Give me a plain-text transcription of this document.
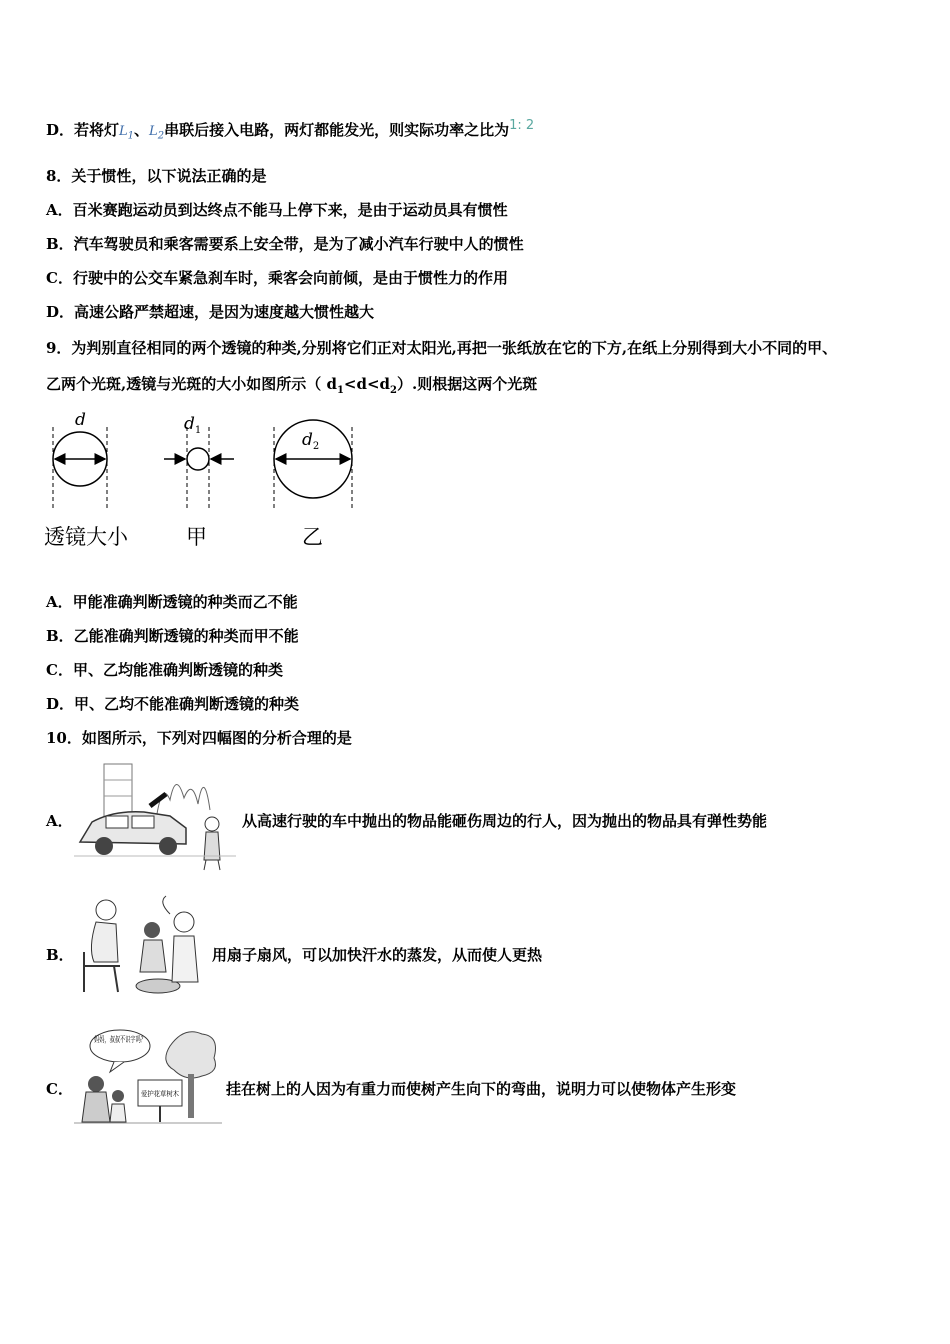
D．若将灯$L_1$、$L_2$串联后接入电路，两灯都能发光，则实际功率之比为1: 2
8．关于惯性，以下说法正确的是
A．百米赛跑运动员到达终点不能马上停下来，是由于运动员具有惯性
B．汽车驾驶员和乘客需要系上安全带，是为了减小汽车行驶中人的惯性
C．行驶中的公交车紧急刹车时，乘客会向前倾，是由于惯性力的作用
D．高速公路严禁超速，是因为速度越大惯性越大
9．为判别直径相同的两个透镜的种类,分别将它们正对太阳光,再把一张纸放在它的下方,在纸上分别得到大小不同的甲、
乙两个光斑,透镜与光斑的大小如图所示（ $d_1<d<d_2$）.则根据这两个光斑
d	$d_1$	$d_2$
透镜大小	甲	乙
A．甲能准确判断透镜的种类而乙不能
B．乙能准确判断透镜的种类而甲不能
C．甲、乙均能准确判断透镜的种类
D．甲、乙均不能准确判断透镜的种类
10．如图所示，下列对四幅图的分析合理的是
A．	从高速行驶的车中抛出的物品能砸伤周边的行人，因为抛出的物品具有弹性势能
B．	用扇子扇风，可以加快汗水的蒸发，从而使人更热
C．
妈妈，叔叔不识字吗？
爱护花草树木	挂在树上的人因为有重力而使树产生向下的弯曲，说明力可以使物体产生形变
